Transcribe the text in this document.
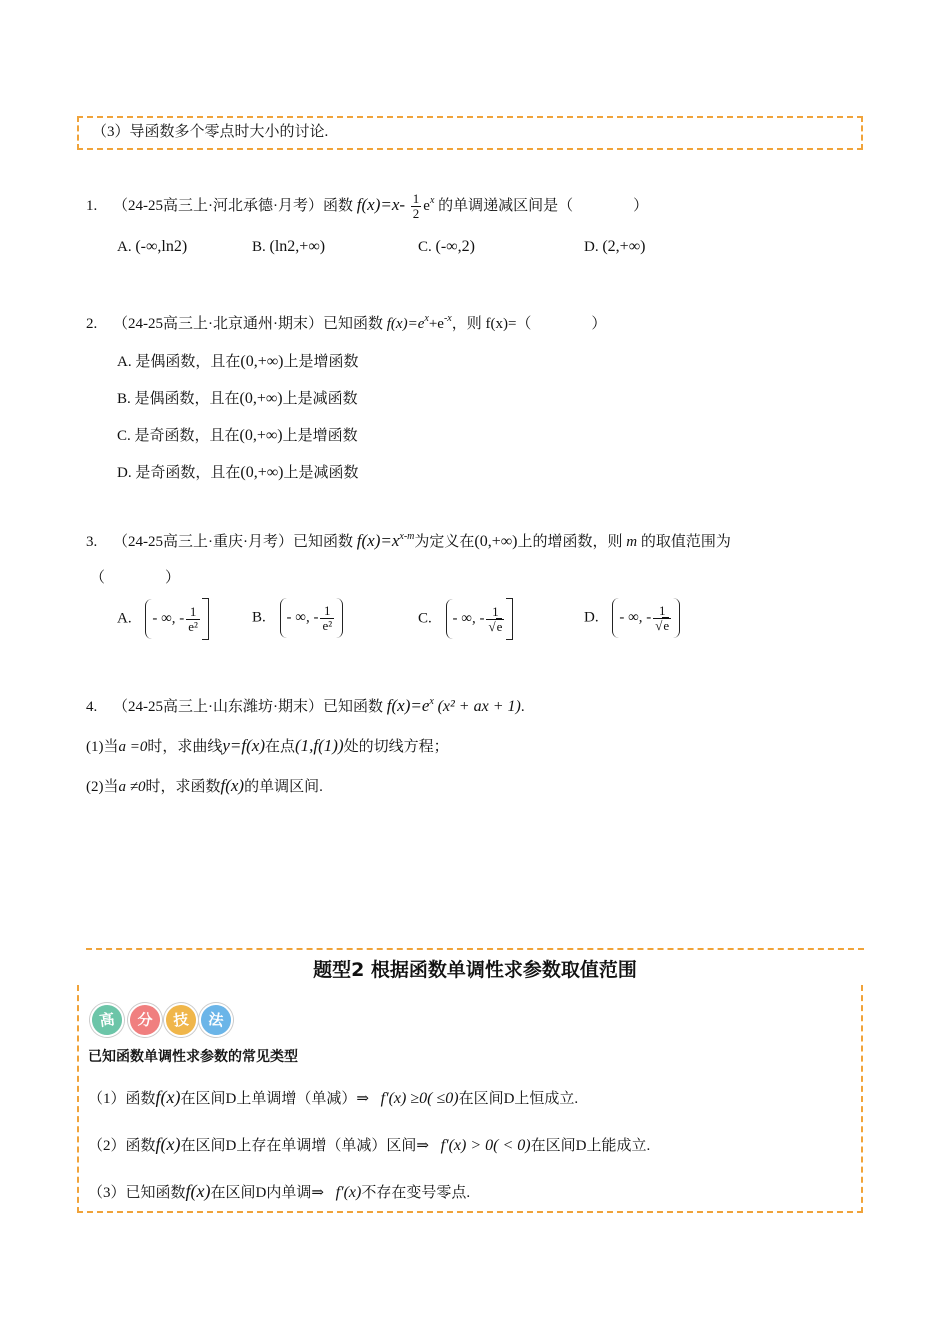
（3）导函数多个零点时大小的讨论.
1. （24-25高三上·河北承德·月考）函数 $f(x)=x- \frac{1}{2} e^x$ 的单调递减区间是（　　　　）
A. (-∞,ln2)	B. (ln2,+∞)	C. (-∞,2)	D. (2,+∞)
2. （24-25高三上·北京通州·期末）已知函数 $f(x)=e^x+e^{-x}$，则 f(x)=（　　　　）
A. 是偶函数，且在(0,+∞)上是增函数
B. 是偶函数，且在(0,+∞)上是减函数
C. 是奇函数，且在(0,+∞)上是增函数
D. 是奇函数，且在(0,+∞)上是减函数
3. （24-25高三上·重庆·月考）已知函数 $f(x)=x^{x-m}$为定义在(0,+∞)上的增函数，则 m 的取值范围为
（　　　　）
A. - ∞, - $\frac{1}{\text{e²}}$	B. - ∞, - $\frac{1}{\text{e²}}$	C. - ∞, - $\frac{1}{√e}$	D. - ∞, - $\frac{1}{√e}$
4. （24-25高三上·山东潍坊·期末）已知函数 $f(x)=e^x$ (x² + ax + 1).
(1)当a =0时，求曲线y=f(x)在点(1,f(1))处的切线方程；
(2)当a ≠0时，求函数f(x)的单调区间.
题型2 根据函数单调性求参数取值范围
高	分	技	法
已知函数单调性求参数的常见类型
（1）函数f(x)在区间D上单调增（单减）⇒ f′(x) ≥0( ≤0)在区间D上恒成立.
（2）函数f(x)在区间D上存在单调增（单减）区间⇒ f′(x) > 0( < 0)在区间D上能成立.
（3）已知函数f(x)在区间D内单调⇒ f′(x)不存在变号零点.
